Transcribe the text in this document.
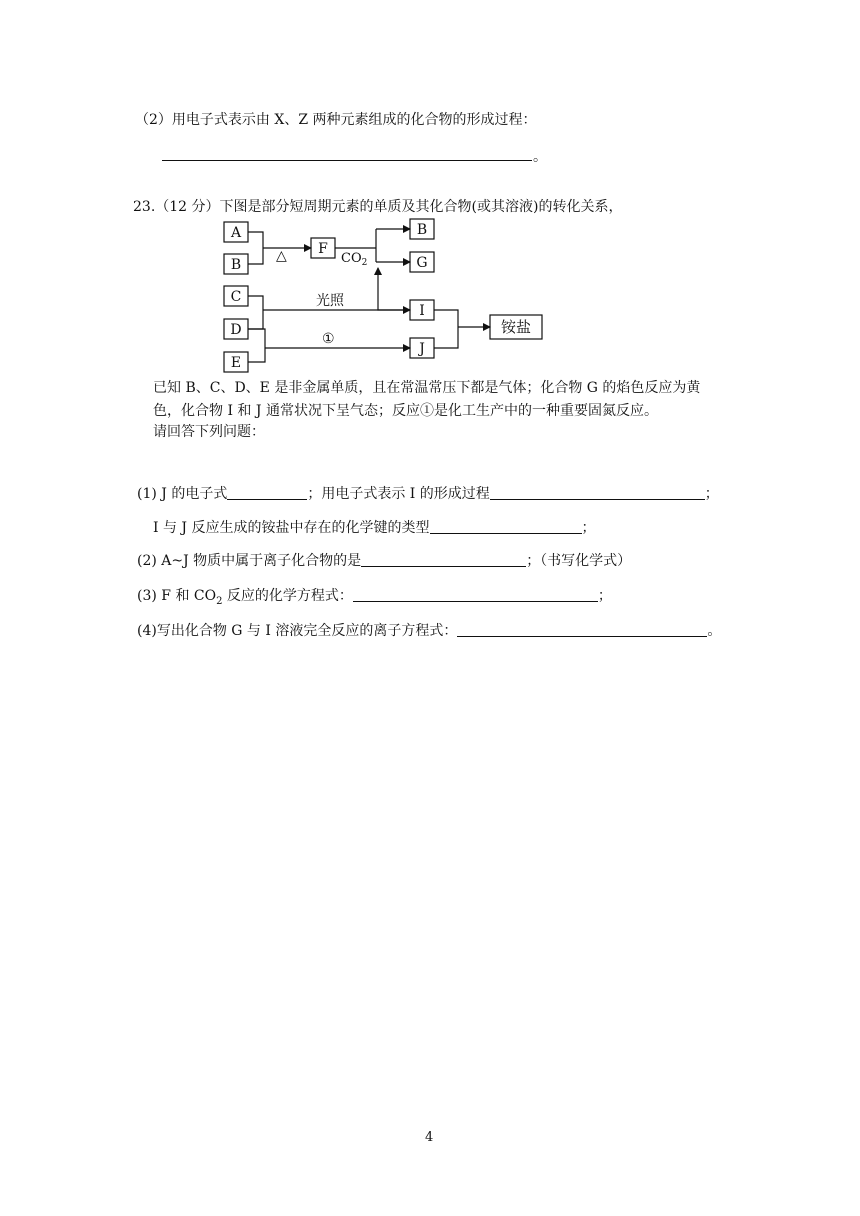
（2）用电子式表示由 X、Z 两种元素组成的化合物的形成过程：
。
23.（12 分）下图是部分短周期元素的单质及其化合物(或其溶液)的转化关系，
A
B
F
B
G
C
D
I
E
J
铵盐
△	$CO_2$
光照
①
已知 B、C、D、E 是非金属单质，且在常温常压下都是气体；化合物 G 的焰色反应为黄
色，化合物 I 和 J 通常状况下呈气态；反应①是化工生产中的一种重要固氮反应。
请回答下列问题：
(1) J 的电子式	；用电子式表示 I 的形成过程	；
I 与 J 反应生成的铵盐中存在的化学键的类型	；
(2) A~J 物质中属于离子化合物的是	；（书写化学式）
(3) F 和 $CO_2$ 反应的化学方程式：	；
(4)写出化合物 G 与 I 溶液完全反应的离子方程式：	。
4
